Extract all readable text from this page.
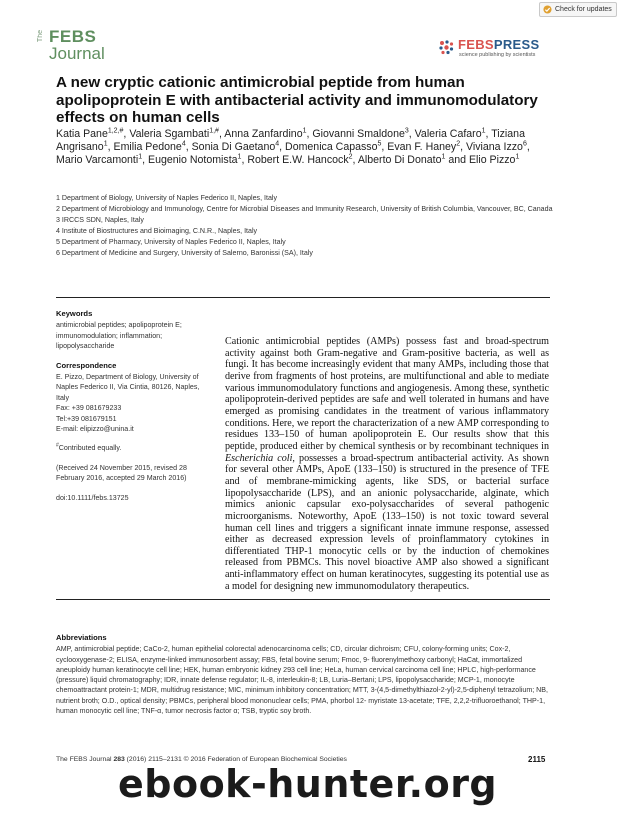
Check for updates
The FEBS
Journal	FEBSPRESS
science publishing by scientists
A new cryptic cationic antimicrobial peptide from human apolipoprotein E with antibacterial activity and immunomodulatory effects on human cells
Katia Pane$^{1,2,\#}$, Valeria Sgambati$^{1,\#}$, Anna Zanfardino$^1$, Giovanni Smaldone$^3$, Valeria Cafaro$^1$, Tiziana Angrisano$^1$, Emilia Pedone$^4$, Sonia Di Gaetano$^4$, Domenica Capasso$^5$, Evan F. Haney$^2$, Viviana Izzo$^6$, Mario Varcamonti$^1$, Eugenio Notomista$^1$, Robert E.W. Hancock$^2$, Alberto Di Donato$^1$ and Elio Pizzo$^1$
1 Department of Biology, University of Naples Federico II, Naples, Italy
2 Department of Microbiology and Immunology, Centre for Microbial Diseases and Immunity Research, University of British Columbia, Vancouver, BC, Canada
3 IRCCS SDN, Naples, Italy
4 Institute of Biostructures and Bioimaging, C.N.R., Naples, Italy
5 Department of Pharmacy, University of Naples Federico II, Naples, Italy
6 Department of Medicine and Surgery, University of Salerno, Baronissi (SA), Italy
Keywords
antimicrobial peptides; apolipoprotein E; immunomodulation; inflammation; lipopolysaccharide
Correspondence
E. Pizzo, Department of Biology, University of Naples Federico II, Via Cintia, 80126, Naples, Italy
Fax: +39 081679233
Tel:+39 081679151
E-mail: elipizzo@unina.it
#Contributed equally.
(Received 24 November 2015, revised 28 February 2016, accepted 29 March 2016)
doi:10.1111/febs.13725
Cationic antimicrobial peptides (AMPs) possess fast and broad-spectrum activity against both Gram-negative and Gram-positive bacteria, as well as fungi. It has become increasingly evident that many AMPs, including those that derive from fragments of host proteins, are multifunctional and able to mediate various immunomodulatory functions and angiogenesis. Among these, synthetic apolipoprotein-derived peptides are safe and well tolerated in humans and have emerged as promising candidates in the treatment of various inflammatory conditions. Here, we report the characterization of a new AMP corresponding to residues 133–150 of human apolipoprotein E. Our results show that this peptide, produced either by chemical synthesis or by recombinant techniques in Escherichia coli, possesses a broad-spectrum antibacterial activity. As shown for several other AMPs, ApoE (133–150) is structured in the presence of TFE and of membrane-mimicking agents, like SDS, or bacterial surface lipopolysaccharide (LPS), and an anionic polysaccharide, alginate, which mimics anionic capsular exo-polysaccharides of several pathogenic microorganisms. Noteworthy, ApoE (133–150) is not toxic toward several human cell lines and triggers a significant innate immune response, assessed either as decreased expression levels of proinflammatory cytokines in differentiated THP-1 monocytic cells or by the induction of chemokines released from PBMCs. This novel bioactive AMP also showed a significant anti-inflammatory effect on human keratinocytes, suggesting its potential use as a model for designing new immunomodulatory therapeutics.
Abbreviations
AMP, antimicrobial peptide; CaCo-2, human epithelial colorectal adenocarcinoma cells; CD, circular dichroism; CFU, colony-forming units; Cox-2, cyclooxygenase-2; ELISA, enzyme-linked immunosorbent assay; FBS, fetal bovine serum; Fmoc, 9- fluorenylmethoxy carbonyl; HaCat, immortalized aneuploidy human keratinocyte cell line; HEK, human embryonic kidney 293 cell line; HeLa, human cervical carcinoma cell line; HPLC, high-performance (pressure) liquid chromatography; IDR, innate defense regulator; IL-8, interleukin-8; LB, Luria–Bertani; LPS, lipopolysaccharide; MCP-1, monocyte chemoattractant protein-1; MDR, multidrug resistance; MIC, minimum inhibitory concentration; MTT, 3-(4,5-dimethylthiazol-2-yl)-2,5-diphenyl tetrazolium; NB, nutrient broth; O.D., optical density; PBMCs, peripheral blood mononuclear cells; PMA, phorbol 12- myristate 13-acetate; TFE, 2,2,2-trifluoroethanol; THP-1, human monocytic cell line; TNF-α, tumor necrosis factor α; TSB, tryptic soy broth.
The FEBS Journal 283 (2016) 2115–2131 © 2016 Federation of European Biochemical Societies	2115
ebook-hunter.org
